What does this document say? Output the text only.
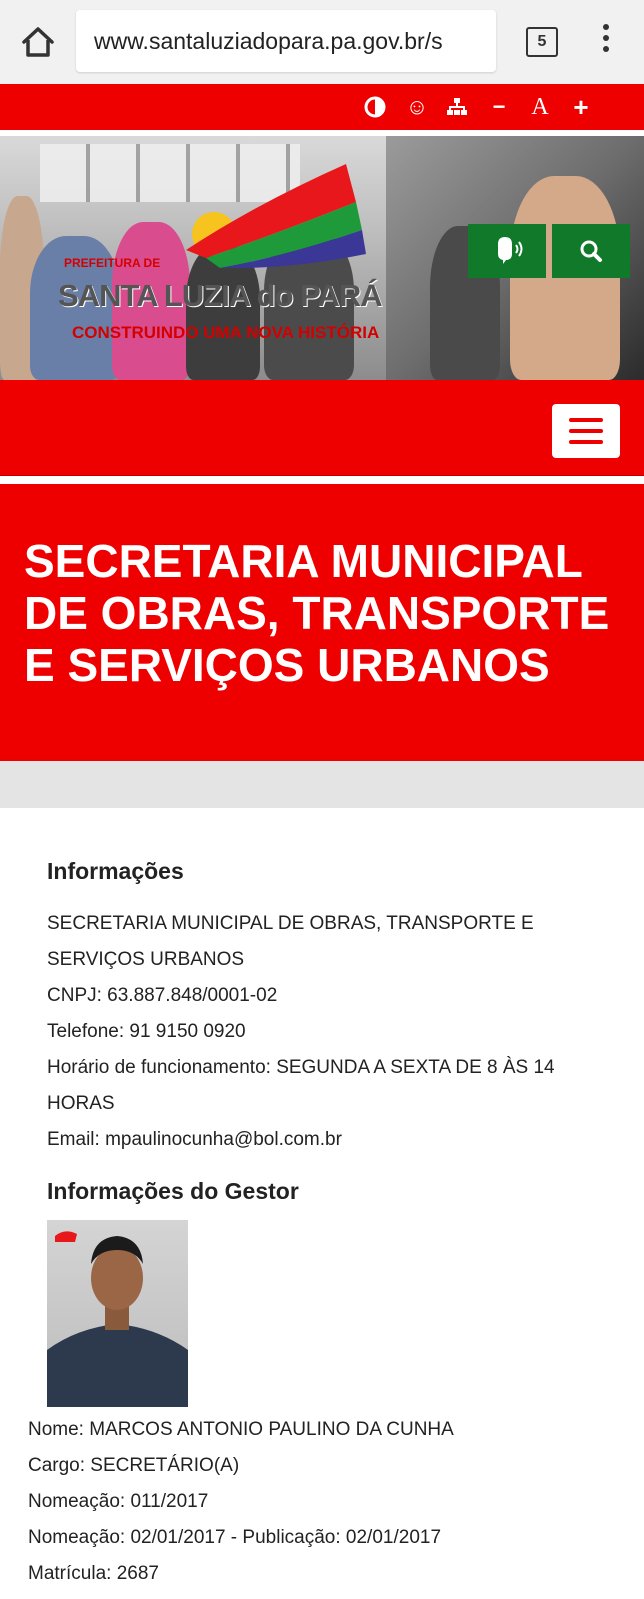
www.santaluziadopara.pa.gov.br/s	5
☺	− A +
PREFEITURA DE
SANTA LUZIA do PARÁ
CONSTRUINDO UMA NOVA HISTÓRIA
SECRETARIA MUNICIPAL DE OBRAS, TRANSPORTE E SERVIÇOS URBANOS
Informações

SECRETARIA MUNICIPAL DE OBRAS, TRANSPORTE E SERVIÇOS URBANOS

CNPJ: 63.887.848/0001-02

Telefone: 91 9150 0920

Horário de funcionamento: SEGUNDA A SEXTA DE 8 ÀS 14 HORAS

Email: mpaulinocunha@bol.com.br

Informações do Gestor
Nome: MARCOS ANTONIO PAULINO DA CUNHA
Cargo: SECRETÁRIO(A)
Nomeação: 011/2017
Nomeação: 02/01/2017 - Publicação: 02/01/2017
Matrícula: 2687
